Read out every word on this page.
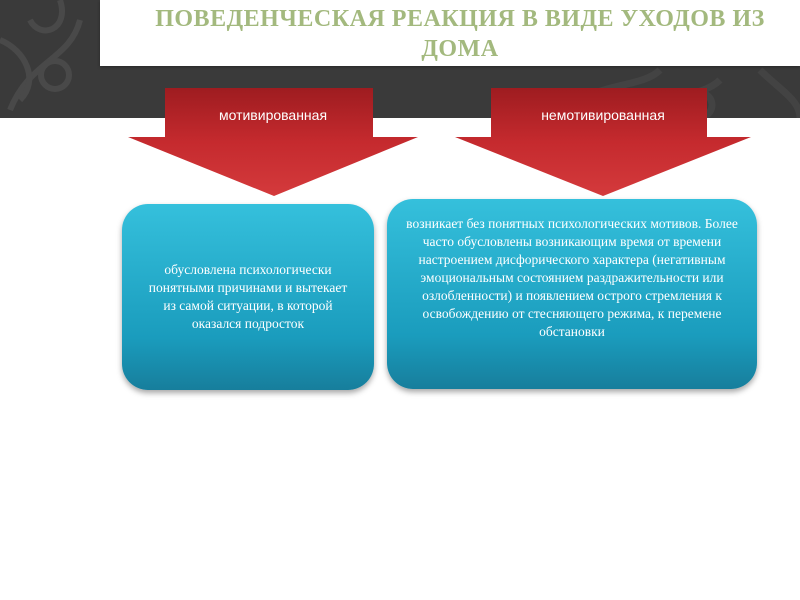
ПОВЕДЕНЧЕСКАЯ РЕАКЦИЯ В ВИДЕ УХОДОВ ИЗ
ДОМА
мотивированная	немотивированная

обусловлена психологически понятными причинами и вытекает из самой ситуации, в которой оказался подросток

возникает без понятных психологических мотивов. Более часто обусловлены возникающим время от времени настроением дисфорического характера (негативным эмоциональным состоянием раздражительности или озлобленности) и появлением острого стремления к освобождению от стесняющего режима, к перемене обстановки
